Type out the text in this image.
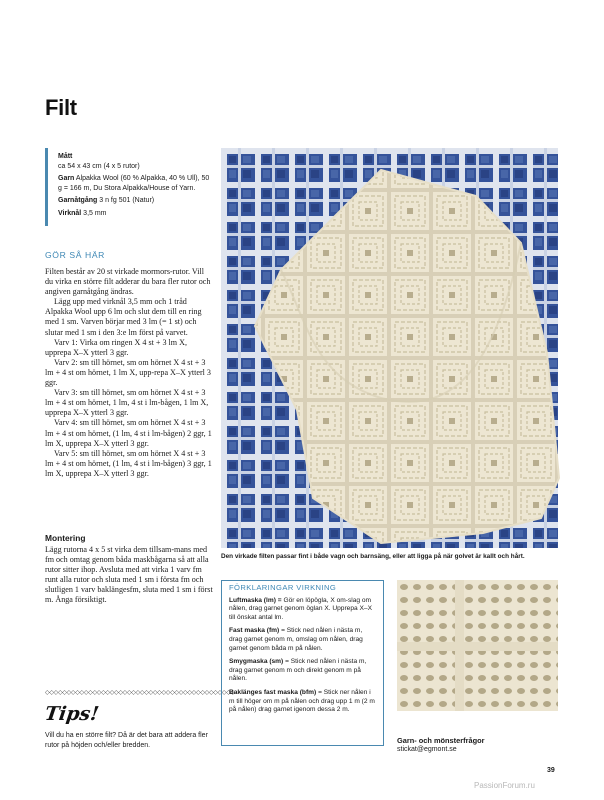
Filt
Mått
ca 54 x 43 cm (4 x 5 rutor)
Garn Alpakka Wool (60 % Alpakka, 40 % Ull), 50 g = 166 m, Du Stora Alpakka/House of Yarn.
Garnåtgång 3 n fg 501 (Natur)
Virknål 3,5 mm
GÖR SÅ HÄR

Filten består av 20 st virkade mormors-rutor. Vill du virka en större filt adderar du bara fler rutor och angiven garnåtgång ändras.

Lägg upp med virknål 3,5 mm och 1 tråd Alpakka Wool upp 6 lm och slut dem till en ring med 1 sm. Varven börjar med 3 lm (= 1 st) och slutar med 1 sm i den 3:e lm först på varvet.

Varv 1: Virka om ringen X 4 st + 3 lm X, upprepa X–X ytterl 3 ggr.

Varv 2: sm till hörnet, sm om hörnet X 4 st + 3 lm + 4 st om hörnet, 1 lm X, upp-repa X–X ytterl 3 ggr.

Varv 3: sm till hörnet, sm om hörnet X 4 st + 3 lm + 4 st om hörnet, 1 lm, 4 st i lm-bågen, 1 lm X, upprepa X–X ytterl 3 ggr.

Varv 4: sm till hörnet, sm om hörnet X 4 st + 3 lm + 4 st om hörnet, (1 lm, 4 st i lm-bågen) 2 ggr, 1 lm X, upprepa X–X ytterl 3 ggr.

Varv 5: sm till hörnet, sm om hörnet X 4 st + 3 lm + 4 st om hörnet, (1 lm, 4 st i lm-bågen) 3 ggr, 1 lm X, upprepa X–X ytterl 3 ggr.

Montering
Lägg rutorna 4 x 5 st virka dem tillsam-mans med fm och omtag genom båda maskbågarna så att alla rutor sitter ihop. Avsluta med att virka 1 varv fm runt alla rutor och sluta med 1 sm i första fm och slutligen 1 varv baklängesfm, sluta med 1 sm i först m. Ånga försiktigt.
◇◇◇◇◇◇◇◇◇◇◇◇◇◇◇◇◇◇◇◇◇◇◇◇◇◇◇◇◇◇◇◇◇◇◇◇◇◇◇◇◇◇◇◇
Tips!
Vill du ha en större filt? Då är det bara att addera fler rutor på höjden och/eller bredden.
Den virkade filten passar fint i både vagn och barnsäng, eller att ligga på när golvet är kallt och hårt.
FÖRKLARINGAR VIRKNING
Luftmaska (lm) = Gör en löpögla, X om-slag om nålen, drag garnet genom öglan X. Upprepa X–X till önskat antal lm.
Fast maska (fm) = Stick ned nålen i nästa m, drag garnet genom m, omslag om nålen, drag garnet genom båda m på nålen.
Smygmaska (sm) = Stick ned nålen i nästa m, drag garnet genom m och direkt genom m på nålen.
Baklänges fast maska (bfm) = Stick ner nålen i m till höger om m på nålen och drag upp 1 m (2 m på nålen) drag garnet igenom dessa 2 m.
Garn- och mönsterfrågor
stickat@egmont.se
39
PassionForum.ru
